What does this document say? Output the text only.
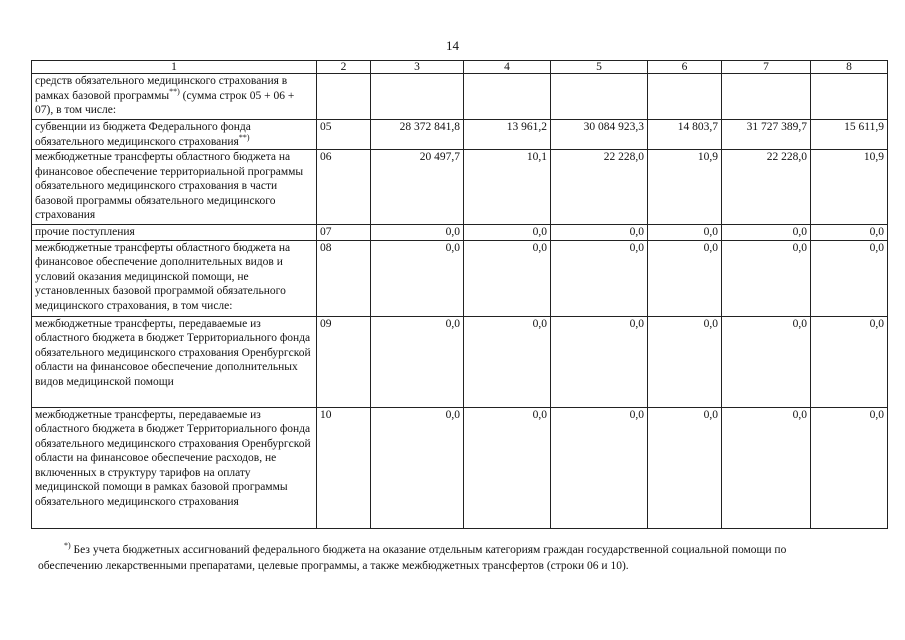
14
1	2	3	4	5	6	7	8
средств обязательного медицинского страхования в рамках базовой программы**) (сумма строк 05 + 06 + 07), в том числе:							
субвенции из бюджета Федерального фонда обязательного медицинского страхования**)	05	28 372 841,8	13 961,2	30 084 923,3	14 803,7	31 727 389,7	15 611,9
межбюджетные трансферты областного бюджета на финансовое обеспечение территориальной программы обязательного медицинского страхования в части базовой программы обязательного медицинского страхования	06	20 497,7	10,1	22 228,0	10,9	22 228,0	10,9
прочие поступления	07	0,0	0,0	0,0	0,0	0,0	0,0
межбюджетные трансферты областного бюджета на финансовое обеспечение дополнительных видов и условий оказания медицинской помощи, не установленных базовой программой обязательного медицинского страхования, в том числе:	08	0,0	0,0	0,0	0,0	0,0	0,0
межбюджетные трансферты, передаваемые из областного бюджета в бюджет Территориального фонда обязательного медицинского страхования Оренбургской области на финансовое обеспечение дополнительных видов медицинской помощи	09	0,0	0,0	0,0	0,0	0,0	0,0
межбюджетные трансферты, передаваемые из областного бюджета в бюджет Территориального фонда обязательного медицинского страхования Оренбургской области на финансовое обеспечение расходов, не включенных в структуру тарифов на оплату медицинской помощи в рамках базовой программы обязательного медицинского страхования	10	0,0	0,0	0,0	0,0	0,0	0,0
*) Без учета бюджетных ассигнований федерального бюджета на оказание отдельным категориям граждан государственной социальной помощи по обеспечению лекарственными препаратами, целевые программы, а также межбюджетных трансфертов (строки 06 и 10).
